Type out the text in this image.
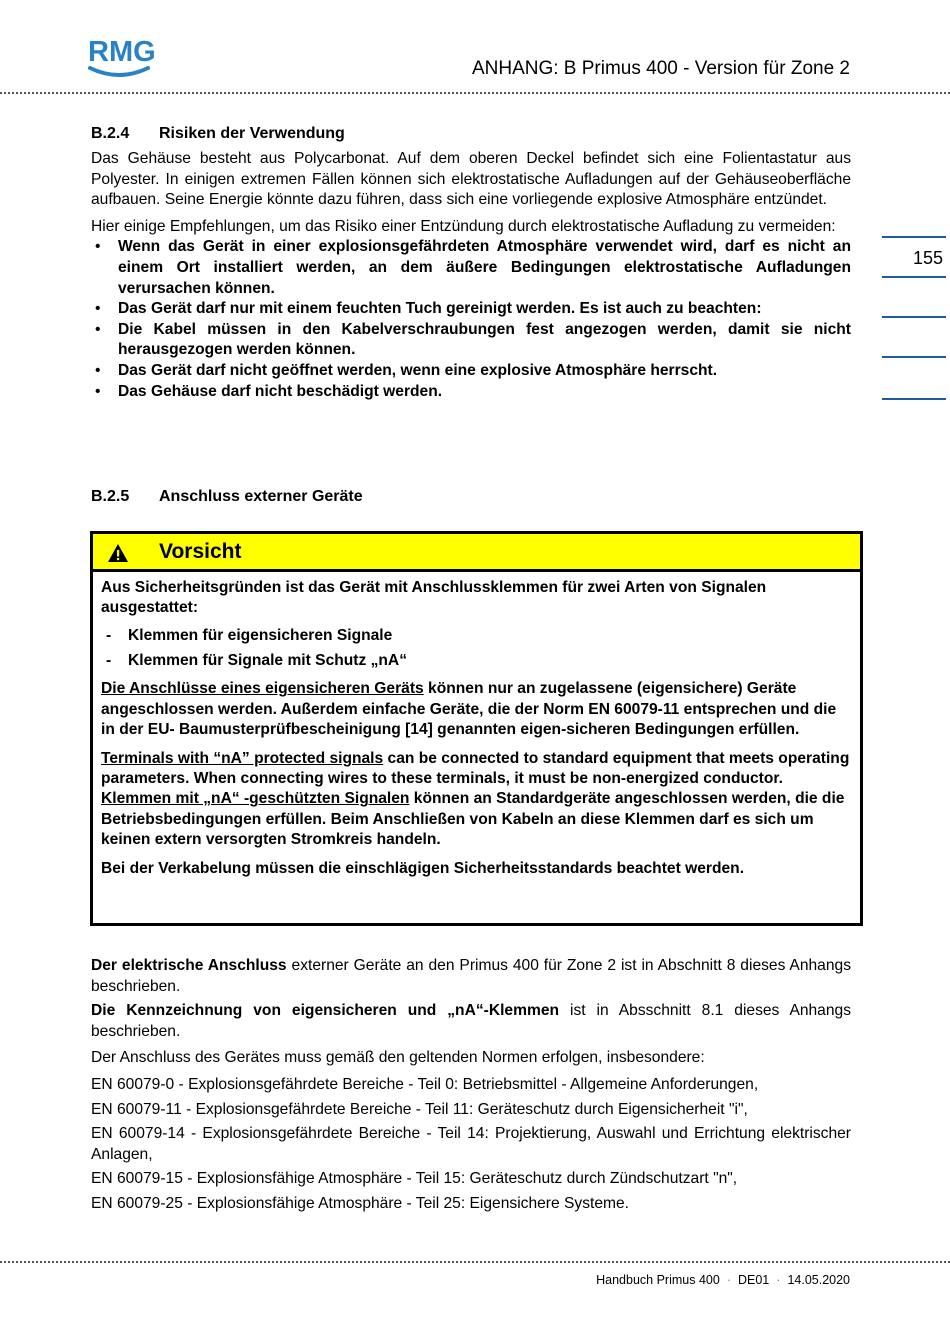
RMG
ANHANG: B Primus 400 - Version für Zone 2
155
B.2.4 Risiken der Verwendung

Das Gehäuse besteht aus Polycarbonat. Auf dem oberen Deckel befindet sich eine Folientastatur aus Polyester. In einigen extremen Fällen können sich elektrostatische Aufladungen auf der Gehäuseoberfläche aufbauen. Seine Energie könnte dazu führen, dass sich eine vorliegende explosive Atmosphäre entzündet.

Hier einige Empfehlungen, um das Risiko einer Entzündung durch elektrostatische Aufladung zu vermeiden:

• Wenn das Gerät in einer explosionsgefährdeten Atmosphäre verwendet wird, darf es nicht an einem Ort installiert werden, an dem äußere Bedingungen elektrostatische Aufladungen verursachen können.
• Das Gerät darf nur mit einem feuchten Tuch gereinigt werden. Es ist auch zu beachten:
• Die Kabel müssen in den Kabelverschraubungen fest angezogen werden, damit sie nicht herausgezogen werden können.
• Das Gerät darf nicht geöffnet werden, wenn eine explosive Atmosphäre herrscht.
• Das Gehäuse darf nicht beschädigt werden.
B.2.5 Anschluss externer Geräte
Vorsicht

Aus Sicherheitsgründen ist das Gerät mit Anschlussklemmen für zwei Arten von Signalen ausgestattet:

- Klemmen für eigensicheren Signale
- Klemmen für Signale mit Schutz „nA“

Die Anschlüsse eines eigensicheren Geräts können nur an zugelassene (eigensichere) Geräte angeschlossen werden. Außerdem einfache Geräte, die der Norm EN 60079-11 entsprechen und die in der EU- Baumusterprüfbescheinigung [14] genannten eigen-sicheren Bedingungen erfüllen.

Terminals with “nA” protected signals can be connected to standard equipment that meets operating parameters. When connecting wires to these terminals, it must be non-energized conductor.

Klemmen mit „nA“ -geschützten Signalen können an Standardgeräte angeschlossen werden, die die Betriebsbedingungen erfüllen. Beim Anschließen von Kabeln an diese Klemmen darf es sich um keinen extern versorgten Stromkreis handeln.

Bei der Verkabelung müssen die einschlägigen Sicherheitsstandards beachtet werden.

Der elektrische Anschluss externer Geräte an den Primus 400 für Zone 2 ist in Abschnitt 8 dieses Anhangs beschrieben.

Die Kennzeichnung von eigensicheren und „nA“-Klemmen ist in Absschnitt 8.1 dieses Anhangs beschrieben.

Der Anschluss des Gerätes muss gemäß den geltenden Normen erfolgen, insbesondere:

EN 60079-0 - Explosionsgefährdete Bereiche - Teil 0: Betriebsmittel - Allgemeine Anforderungen,

EN 60079-11 - Explosionsgefährdete Bereiche - Teil 11: Geräteschutz durch Eigensicherheit "i",

EN 60079-14 - Explosionsgefährdete Bereiche - Teil 14: Projektierung, Auswahl und Errichtung elektrischer Anlagen,

EN 60079-15 - Explosionsfähige Atmosphäre - Teil 15: Geräteschutz durch Zündschutzart "n",

EN 60079-25 - Explosionsfähige Atmosphäre - Teil 25: Eigensichere Systeme.

Handbuch Primus 400 · DE01 · 14.05.2020
